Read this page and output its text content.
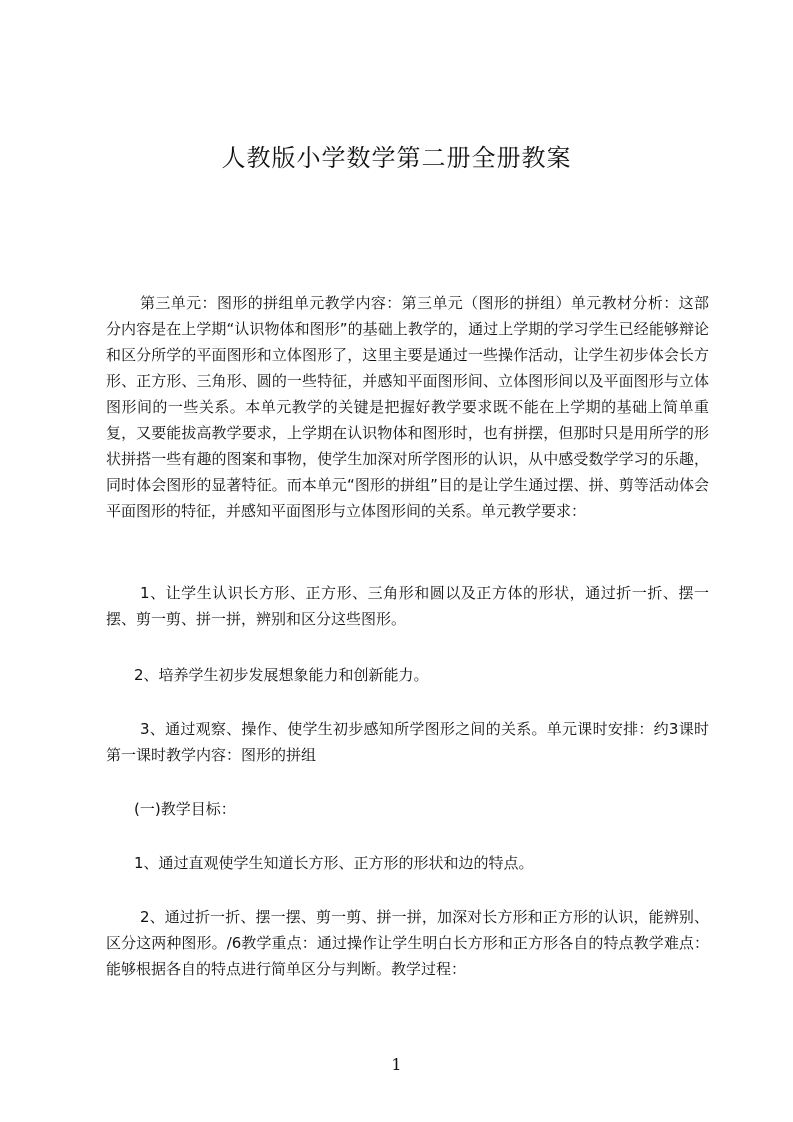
人教版小学数学第二册全册教案

第三单元：图形的拼组单元教学内容：第三单元（图形的拼组）单元教材分析：这部分内容是在上学期“认识物体和图形”的基础上教学的，通过上学期的学习学生已经能够辩论和区分所学的平面图形和立体图形了，这里主要是通过一些操作活动，让学生初步体会长方形、正方形、三角形、圆的一些特征，并感知平面图形间、立体图形间以及平面图形与立体图形间的一些关系。本单元教学的关键是把握好教学要求既不能在上学期的基础上简单重复，又要能拔高教学要求，上学期在认识物体和图形时，也有拼摆，但那时只是用所学的形状拼搭一些有趣的图案和事物，使学生加深对所学图形的认识，从中感受数学学习的乐趣，同时体会图形的显著特征。而本单元“图形的拼组”目的是让学生通过摆、拼、剪等活动体会平面图形的特征，并感知平面图形与立体图形间的关系。单元教学要求：

1、让学生认识长方形、正方形、三角形和圆以及正方体的形状，通过折一折、摆一摆、剪一剪、拼一拼，辨别和区分这些图形。

2、培养学生初步发展想象能力和创新能力。

3、通过观察、操作、使学生初步感知所学图形之间的关系。单元课时安排：约3课时第一课时教学内容：图形的拼组

(一)教学目标：

1、通过直观使学生知道长方形、正方形的形状和边的特点。

2、通过折一折、摆一摆、剪一剪、拼一拼，加深对长方形和正方形的认识，能辨别、区分这两种图形。/6教学重点：通过操作让学生明白长方形和正方形各自的特点教学难点：能够根据各自的特点进行简单区分与判断。教学过程：

1
